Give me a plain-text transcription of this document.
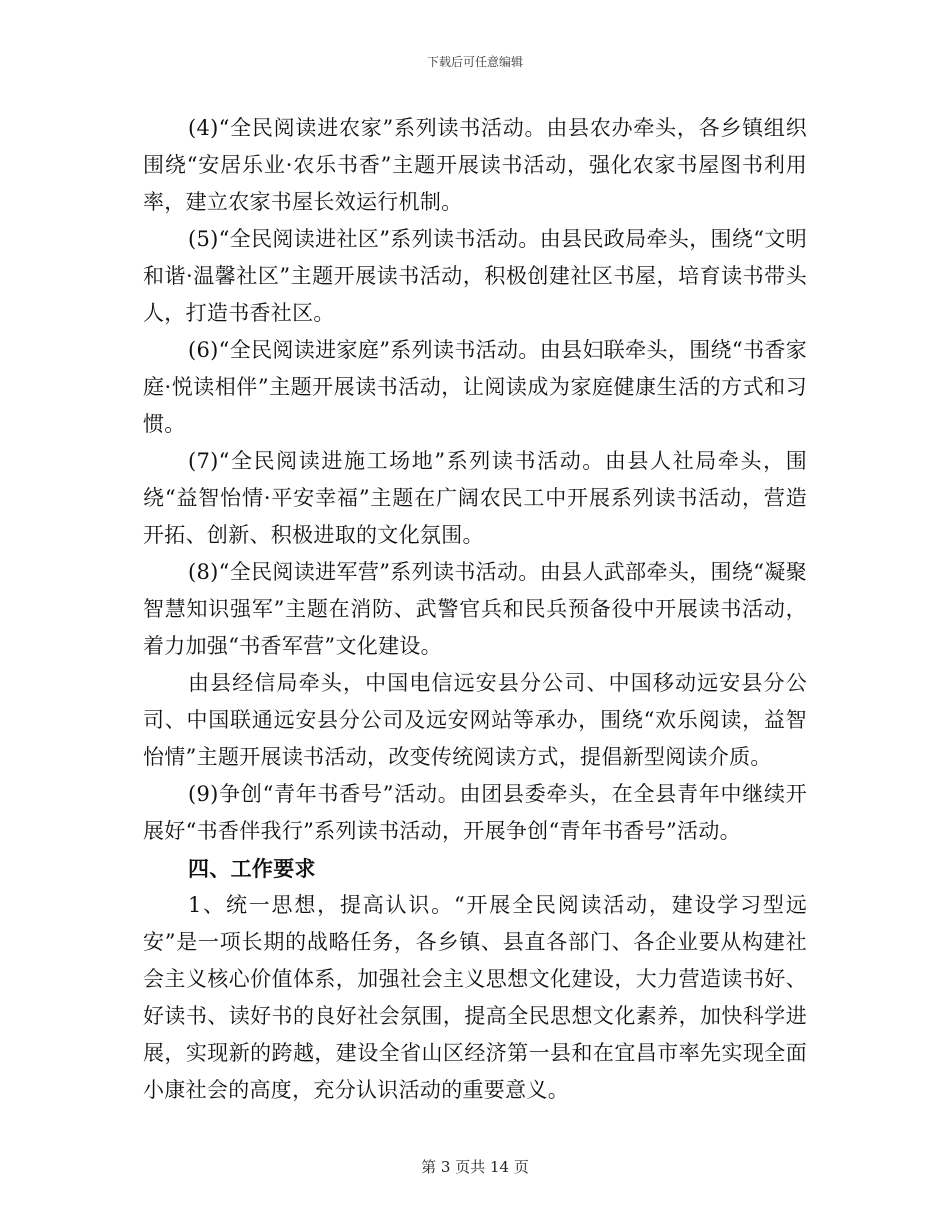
下载后可任意编辑

(4)“全民阅读进农家”系列读书活动。由县农办牵头，各乡镇组织围绕“安居乐业·农乐书香”主题开展读书活动，强化农家书屋图书利用率，建立农家书屋长效运行机制。

(5)“全民阅读进社区”系列读书活动。由县民政局牵头，围绕“文明和谐·温馨社区”主题开展读书活动，积极创建社区书屋，培育读书带头人，打造书香社区。

(6)“全民阅读进家庭”系列读书活动。由县妇联牵头，围绕“书香家庭·悦读相伴”主题开展读书活动，让阅读成为家庭健康生活的方式和习惯。

(7)“全民阅读进施工场地”系列读书活动。由县人社局牵头，围绕“益智怡情·平安幸福”主题在广阔农民工中开展系列读书活动，营造开拓、创新、积极进取的文化氛围。

(8)“全民阅读进军营”系列读书活动。由县人武部牵头，围绕“凝聚智慧知识强军”主题在消防、武警官兵和民兵预备役中开展读书活动，着力加强“书香军营”文化建设。

由县经信局牵头，中国电信远安县分公司、中国移动远安县分公司、中国联通远安县分公司及远安网站等承办，围绕“欢乐阅读，益智怡情”主题开展读书活动，改变传统阅读方式，提倡新型阅读介质。

(9)争创“青年书香号”活动。由团县委牵头，在全县青年中继续开展好“书香伴我行”系列读书活动，开展争创“青年书香号”活动。

四、工作要求

1、统一思想，提高认识。“开展全民阅读活动，建设学习型远安”是一项长期的战略任务，各乡镇、县直各部门、各企业要从构建社会主义核心价值体系，加强社会主义思想文化建设，大力营造读书好、好读书、读好书的良好社会氛围，提高全民思想文化素养，加快科学进展，实现新的跨越，建设全省山区经济第一县和在宜昌市率先实现全面小康社会的高度，充分认识活动的重要意义。

第 3 页共 14 页
